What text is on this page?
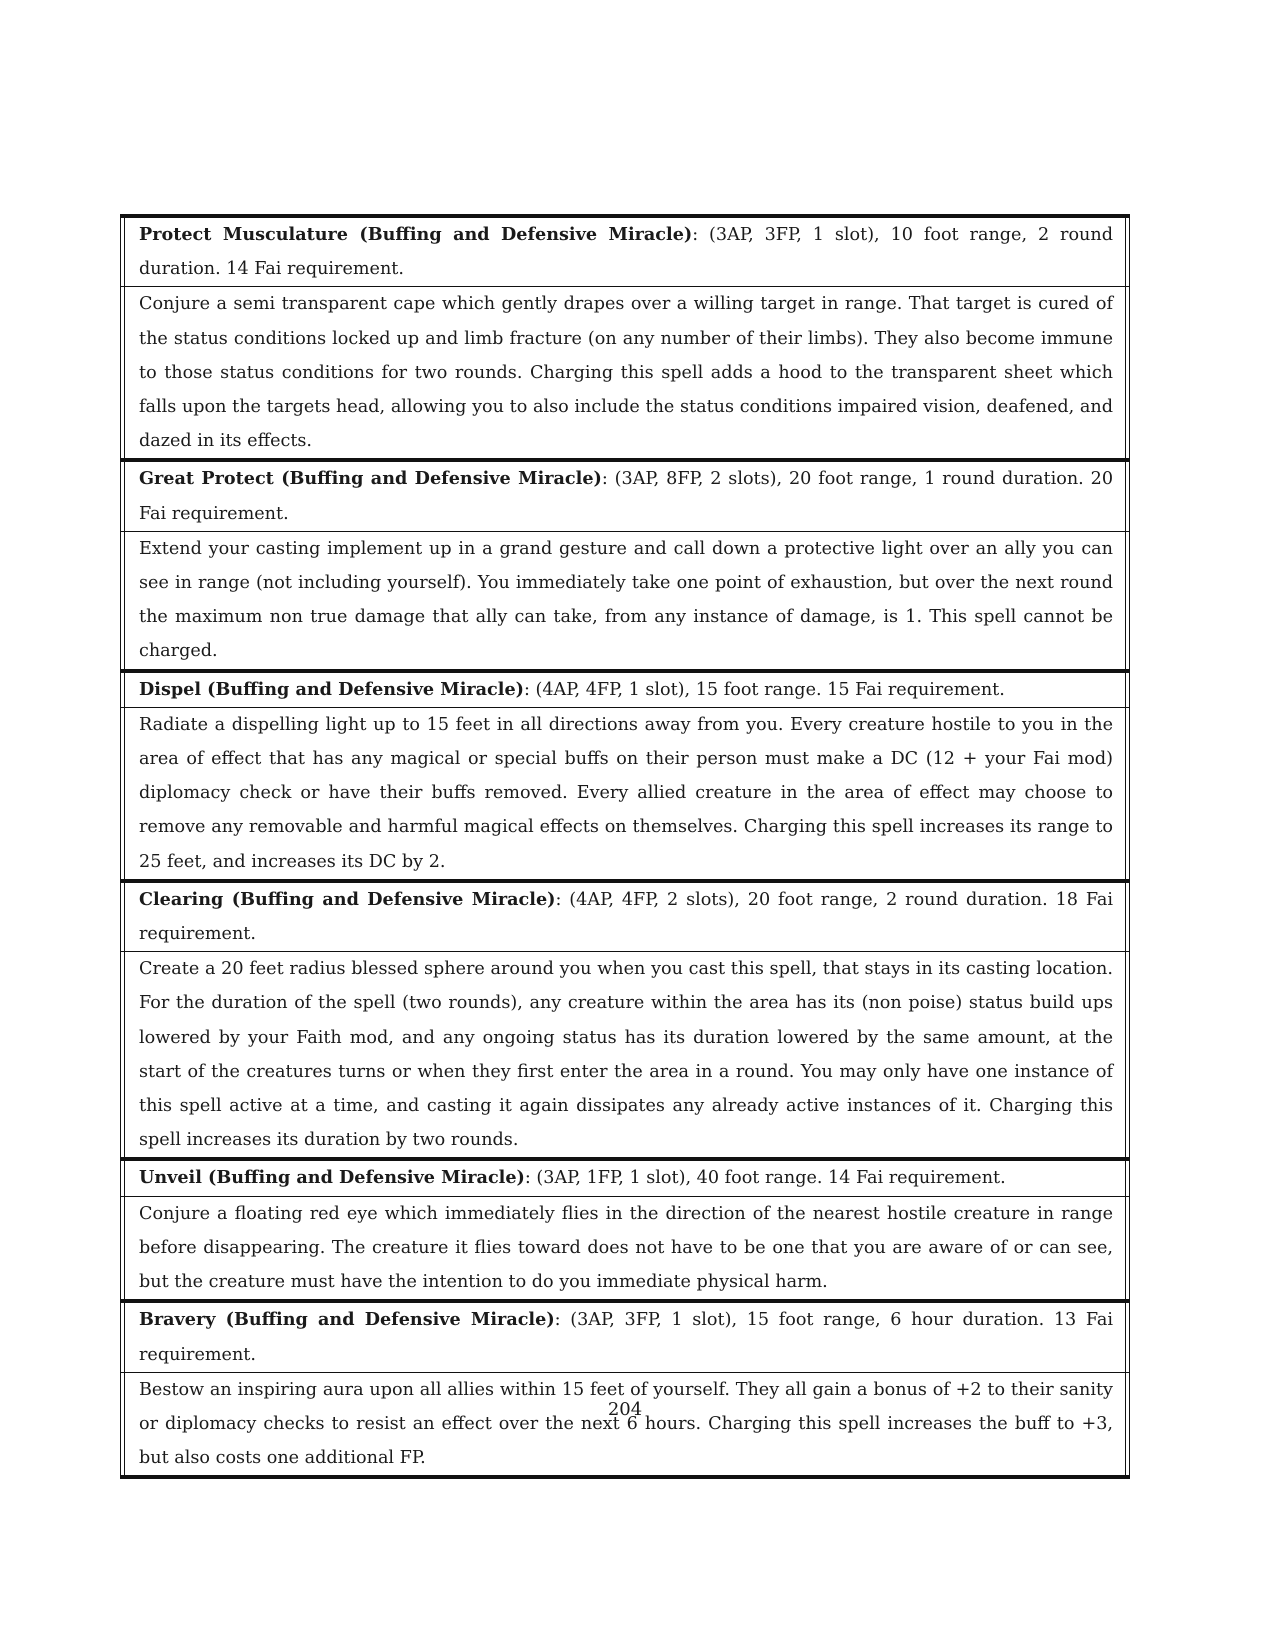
Protect Musculature (Buffing and Defensive Miracle): (3AP, 3FP, 1 slot), 10 foot range, 2 round duration. 14 Fai requirement.
Conjure a semi transparent cape which gently drapes over a willing target in range. That target is cured of the status conditions locked up and limb fracture (on any number of their limbs). They also become immune to those status conditions for two rounds. Charging this spell adds a hood to the transparent sheet which falls upon the targets head, allowing you to also include the status conditions impaired vision, deafened, and dazed in its effects.
Great Protect (Buffing and Defensive Miracle): (3AP, 8FP, 2 slots), 20 foot range, 1 round duration. 20 Fai requirement.
Extend your casting implement up in a grand gesture and call down a protective light over an ally you can see in range (not including yourself). You immediately take one point of exhaustion, but over the next round the maximum non true damage that ally can take, from any instance of damage, is 1. This spell cannot be charged.
Dispel (Buffing and Defensive Miracle): (4AP, 4FP, 1 slot), 15 foot range. 15 Fai requirement.
Radiate a dispelling light up to 15 feet in all directions away from you. Every creature hostile to you in the area of effect that has any magical or special buffs on their person must make a DC (12 + your Fai mod) diplomacy check or have their buffs removed. Every allied creature in the area of effect may choose to remove any removable and harmful magical effects on themselves. Charging this spell increases its range to 25 feet, and increases its DC by 2.
Clearing (Buffing and Defensive Miracle): (4AP, 4FP, 2 slots), 20 foot range, 2 round duration. 18 Fai requirement.
Create a 20 feet radius blessed sphere around you when you cast this spell, that stays in its casting location. For the duration of the spell (two rounds), any creature within the area has its (non poise) status build ups lowered by your Faith mod, and any ongoing status has its duration lowered by the same amount, at the start of the creatures turns or when they first enter the area in a round. You may only have one instance of this spell active at a time, and casting it again dissipates any already active instances of it. Charging this spell increases its duration by two rounds.
Unveil (Buffing and Defensive Miracle): (3AP, 1FP, 1 slot), 40 foot range. 14 Fai requirement.
Conjure a floating red eye which immediately flies in the direction of the nearest hostile creature in range before disappearing. The creature it flies toward does not have to be one that you are aware of or can see, but the creature must have the intention to do you immediate physical harm.
Bravery (Buffing and Defensive Miracle): (3AP, 3FP, 1 slot), 15 foot range, 6 hour duration. 13 Fai requirement.
Bestow an inspiring aura upon all allies within 15 feet of yourself. They all gain a bonus of +2 to their sanity or diplomacy checks to resist an effect over the next 6 hours. Charging this spell increases the buff to +3, but also costs one additional FP.
204
